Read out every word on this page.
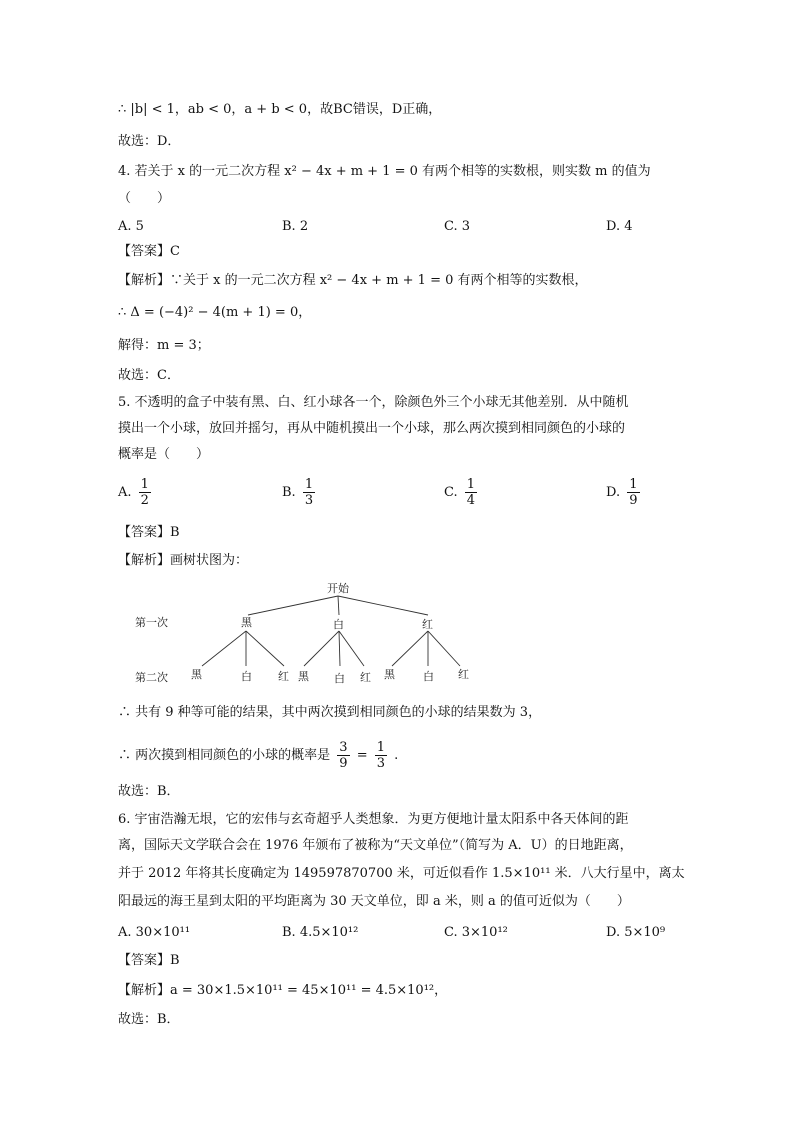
∴ |b| < 1，ab < 0，a + b < 0，故BC错误，D正确，
故选：D．
4. 若关于 x 的一元二次方程 x² − 4x + m + 1 = 0 有两个相等的实数根，则实数 m 的值为
（　　）
A. 5	B. 2	C. 3	D. 4
【答案】C
【解析】∵关于 x 的一元二次方程 x² − 4x + m + 1 = 0 有两个相等的实数根，
∴ Δ = (−4)² − 4(m + 1) = 0，
解得：m = 3；
故选：C．
5. 不透明的盒子中装有黑、白、红小球各一个，除颜色外三个小球无其他差别．从中随机
摸出一个小球，放回并摇匀，再从中随机摸出一个小球，那么两次摸到相同颜色的小球的
概率是（　　）
A. $\frac{1}{2}$	B. $\frac{1}{3}$	C. $\frac{1}{4}$	D. $\frac{1}{9}$
【答案】B
【解析】画树状图为：
开始
第一次
第二次
黑	白	红
黑	白 红 黑 白 红 黑	白 红
∴ 共有 9 种等可能的结果，其中两次摸到相同颜色的小球的结果数为 3，
∴ 两次摸到相同颜色的小球的概率是 $\frac{3}{9} = \frac{1}{3}$ .
故选：B．
6. 宇宙浩瀚无垠，它的宏伟与玄奇超乎人类想象．为更方便地计量太阳系中各天体间的距
离，国际天文学联合会在 1976 年颁布了被称为“天文单位”（简写为 A．U）的日地距离，
并于 2012 年将其长度确定为 149597870700 米，可近似看作 1.5×10¹¹ 米．八大行星中，离太
阳最远的海王星到太阳的平均距离为 30 天文单位，即 a 米，则 a 的值可近似为（　　）
A. 30×10¹¹	B. 4.5×10¹²	C. 3×10¹²	D. 5×10⁹
【答案】B
【解析】a = 30×1.5×10¹¹ = 45×10¹¹ = 4.5×10¹²，
故选：B．
